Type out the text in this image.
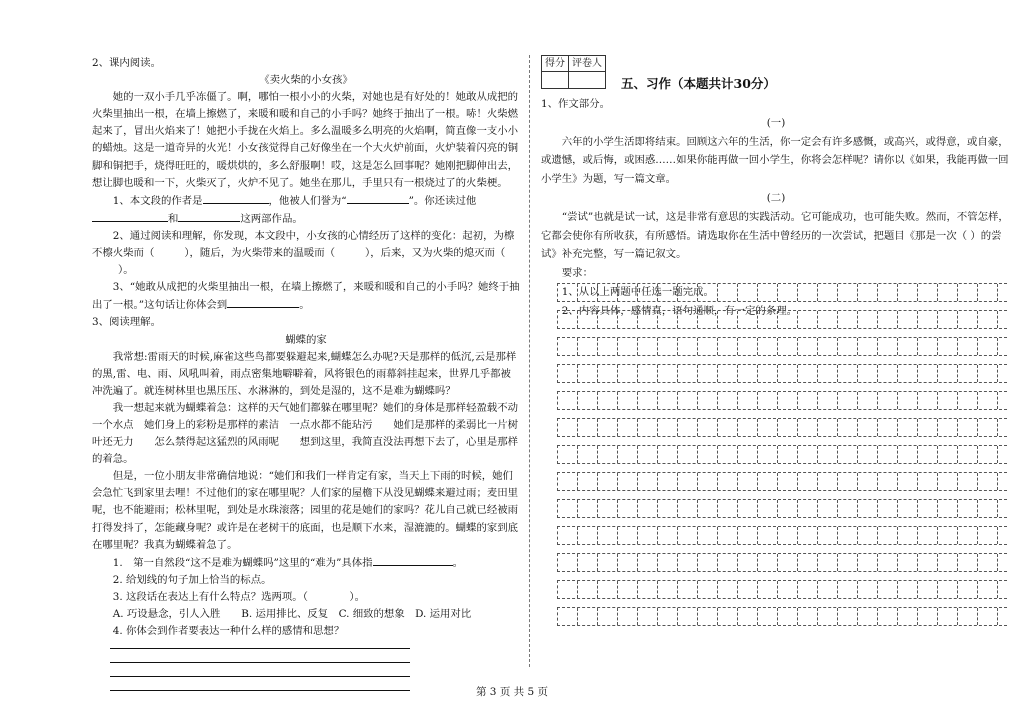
2、课内阅读。

《卖火柴的小女孩》

她的一双小手几乎冻僵了。啊，哪怕一根小小的火柴，对她也是有好处的！她敢从成把的火柴里抽出一根，在墙上擦燃了，来暖和暖和自己的小手吗？她终于抽出了一根。哧！火柴燃起来了，冒出火焰来了！她把小手拢在火焰上。多么温暖多么明亮的火焰啊，简直像一支小小的蜡烛。这是一道奇异的火光！小女孩觉得自己好像坐在一个大火炉前面，火炉装着闪亮的铜脚和铜把手，烧得旺旺的，暖烘烘的，多么舒服啊！哎，这是怎么回事呢？她刚把脚伸出去，想让脚也暖和一下，火柴灭了，火炉不见了。她坐在那儿，手里只有一根烧过了的火柴梗。

1、本文段的作者是	，他被人们誉为“	”。你还读过他和	这两部作品。

2、通过阅读和理解，你发现，本文段中，小女孩的心情经历了这样的变化：起初，为檫不檫火柴而（	），随后，为火柴带来的温暖而（	），后来，又为火柴的熄灭而（）。

3、“她敢从成把的火柴里抽出一根，在墙上擦燃了，来暖和暖和自己的小手吗？她终于抽出了一根。”这句话让你体会到	。

3、阅读理解。

蝴蝶的家

我常想:雷雨天的时候,麻雀这些鸟都要躲避起来,蝴蝶怎么办呢?天是那样的低沉,云是那样的黑,雷、电、雨、风吼叫着，雨点密集地噼噼着，风将银色的雨幕斜挂起来，世界几乎都被冲洗遍了。就连树林里也黑压压、水淋淋的，到处是湿的，这不是难为蝴蝶吗？

我一想起来就为蝴蝶着急：这样的天气她们都躲在哪里呢？她们的身体是那样轻盈载不动一个水点　她们身上的彩粉是那样的素洁　一点水都不能玷污　　她们是那样的柔弱比一片树叶还无力　　怎么禁得起这猛烈的风雨呢　　想到这里，我简直没法再想下去了，心里是那样的着急。

但是，一位小朋友非常确信地说：“她们和我们一样肯定有家，当天上下雨的时候，她们会急忙飞到家里去哩！不过他们的家在哪里呢？人们家的屋檐下从没见蝴蝶来避过雨；麦田里呢，也不能避雨；松林里呢，到处是水珠滚落；园里的花是她们的家吗？花儿自己就已经被雨打得发抖了，怎能藏身呢？或许是在老树干的底面，也是顺下水来，湿漉漉的。蝴蝶的家到底在哪里呢？我真为蝴蝶着急了。

1.　第一自然段“这不是难为蝴蝶吗”这里的“难为”具体指	。

2. 给划线的句子加上恰当的标点。

3. 这段话在表达上有什么特点？选两项。（　　　　）。

A. 巧设悬念，引人入胜　　B. 运用排比、反复　C. 细致的想象　D. 运用对比

4. 你体会到作者要表达一种什么样的感情和思想？

得分	评卷人

五、习作（本题共计30分）

1、作文部分。

(一)

六年的小学生活即将结束。回顾这六年的生活，你一定会有许多感慨，或高兴，或得意，或自豪，或遗憾，或后悔，或困惑……如果你能再做一回小学生，你将会怎样呢？请你以《如果，我能再做一回小学生》为题，写一篇文章。

(二)

“尝试”也就是试一试，这是非常有意思的实践活动。它可能成功，也可能失败。然而，不管怎样，它都会使你有所收获，有所感悟。请选取你在生活中曾经历的一次尝试，把题目《那是一次（ ）的尝试》补充完整，写一篇记叙文。

要求：

1、从以上两题中任选一题完成。

2、内容具体，感情真，语句通顺，有一定的条理。

第 3 页 共 5 页
